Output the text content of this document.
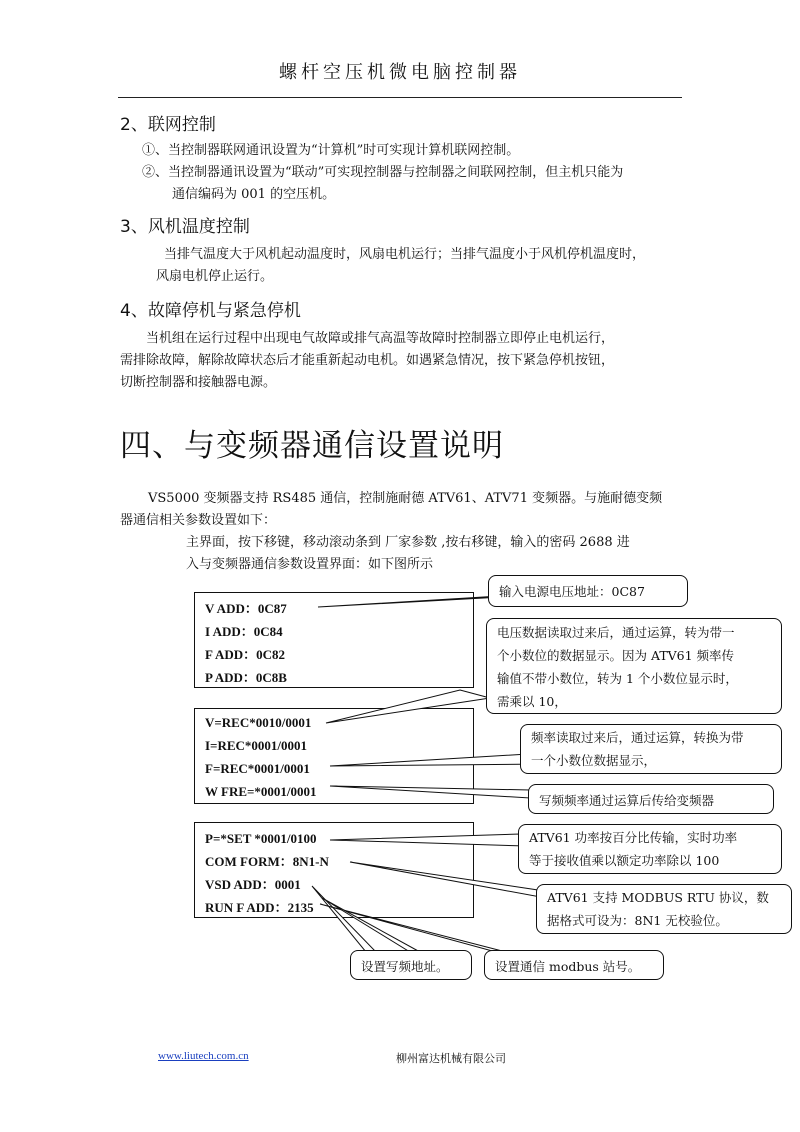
螺杆空压机微电脑控制器
2、联网控制
①、当控制器联网通讯设置为“计算机”时可实现计算机联网控制。
②、当控制器通讯设置为“联动”可实现控制器与控制器之间联网控制，但主机只能为
通信编码为 001 的空压机。
3、风机温度控制
当排气温度大于风机起动温度时，风扇电机运行；当排气温度小于风机停机温度时，
风扇电机停止运行。
4、故障停机与紧急停机
当机组在运行过程中出现电气故障或排气高温等故障时控制器立即停止电机运行，
需排除故障，解除故障状态后才能重新起动电机。如遇紧急情况，按下紧急停机按钮，
切断控制器和接触器电源。
四、与变频器通信设置说明
VS5000 变频器支持 RS485 通信，控制施耐德 ATV61、ATV71 变频器。与施耐德变频
器通信相关参数设置如下：
主界面，按下移键，移动滚动条到 厂家参数 ,按右移键，输入的密码 2688 进
入与变频器通信参数设置界面：如下图所示
V ADD：0C87
I ADD：0C84
F ADD：0C82
P ADD：0C8B
V=REC*0010/0001
I=REC*0001/0001
F=REC*0001/0001
W FRE=*0001/0001
P=*SET *0001/0100
COM FORM：8N1-N
VSD ADD：0001
RUN F ADD：2135
输入电源电压地址：0C87
电压数据读取过来后，通过运算，转为带一
个小数位的数据显示。因为 ATV61 频率传
输值不带小数位，转为 1 个小数位显示时，
需乘以 10，
频率读取过来后，通过运算，转换为带
一个小数位数据显示，
写频频率通过运算后传给变频器
ATV61 功率按百分比传输，实时功率
等于接收值乘以额定功率除以 100
ATV61 支持 MODBUS RTU 协议，数
据格式可设为：8N1 无校验位。
设置写频地址。	设置通信 modbus 站号。
www.liutech.com.cn	柳州富达机械有限公司
